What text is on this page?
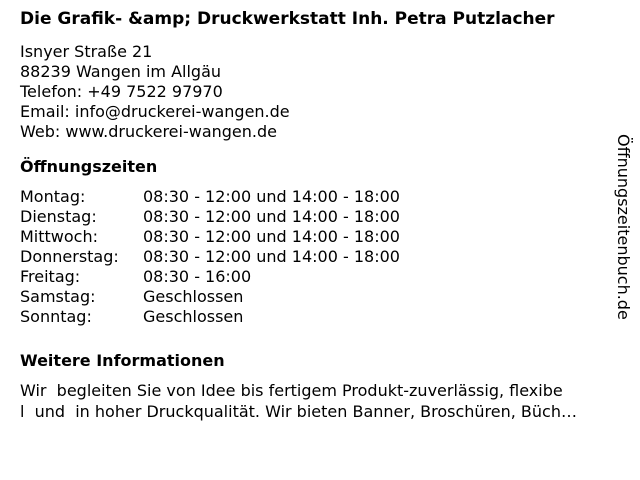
Die Grafik- &amp; Druckwerkstatt Inh. Petra Putzlacher
Isnyer Straße 21
88239 Wangen im Allgäu
Telefon: +49 7522 97970
Email: info@druckerei-wangen.de
Web: www.druckerei-wangen.de
Öffnungszeiten
Montag:	08:30 - 12:00 und 14:00 - 18:00
Dienstag:	08:30 - 12:00 und 14:00 - 18:00
Mittwoch:	08:30 - 12:00 und 14:00 - 18:00
Donnerstag:	08:30 - 12:00 und 14:00 - 18:00
Freitag:	08:30 - 16:00
Samstag:	Geschlossen
Sonntag:	Geschlossen
Weitere Informationen
Wir  begleiten Sie von Idee bis fertigem Produkt-zuverlässig, flexibe
l  und  in hoher Druckqualität. Wir bieten Banner, Broschüren, Büch…
Öffnungszeitenbuch.de
